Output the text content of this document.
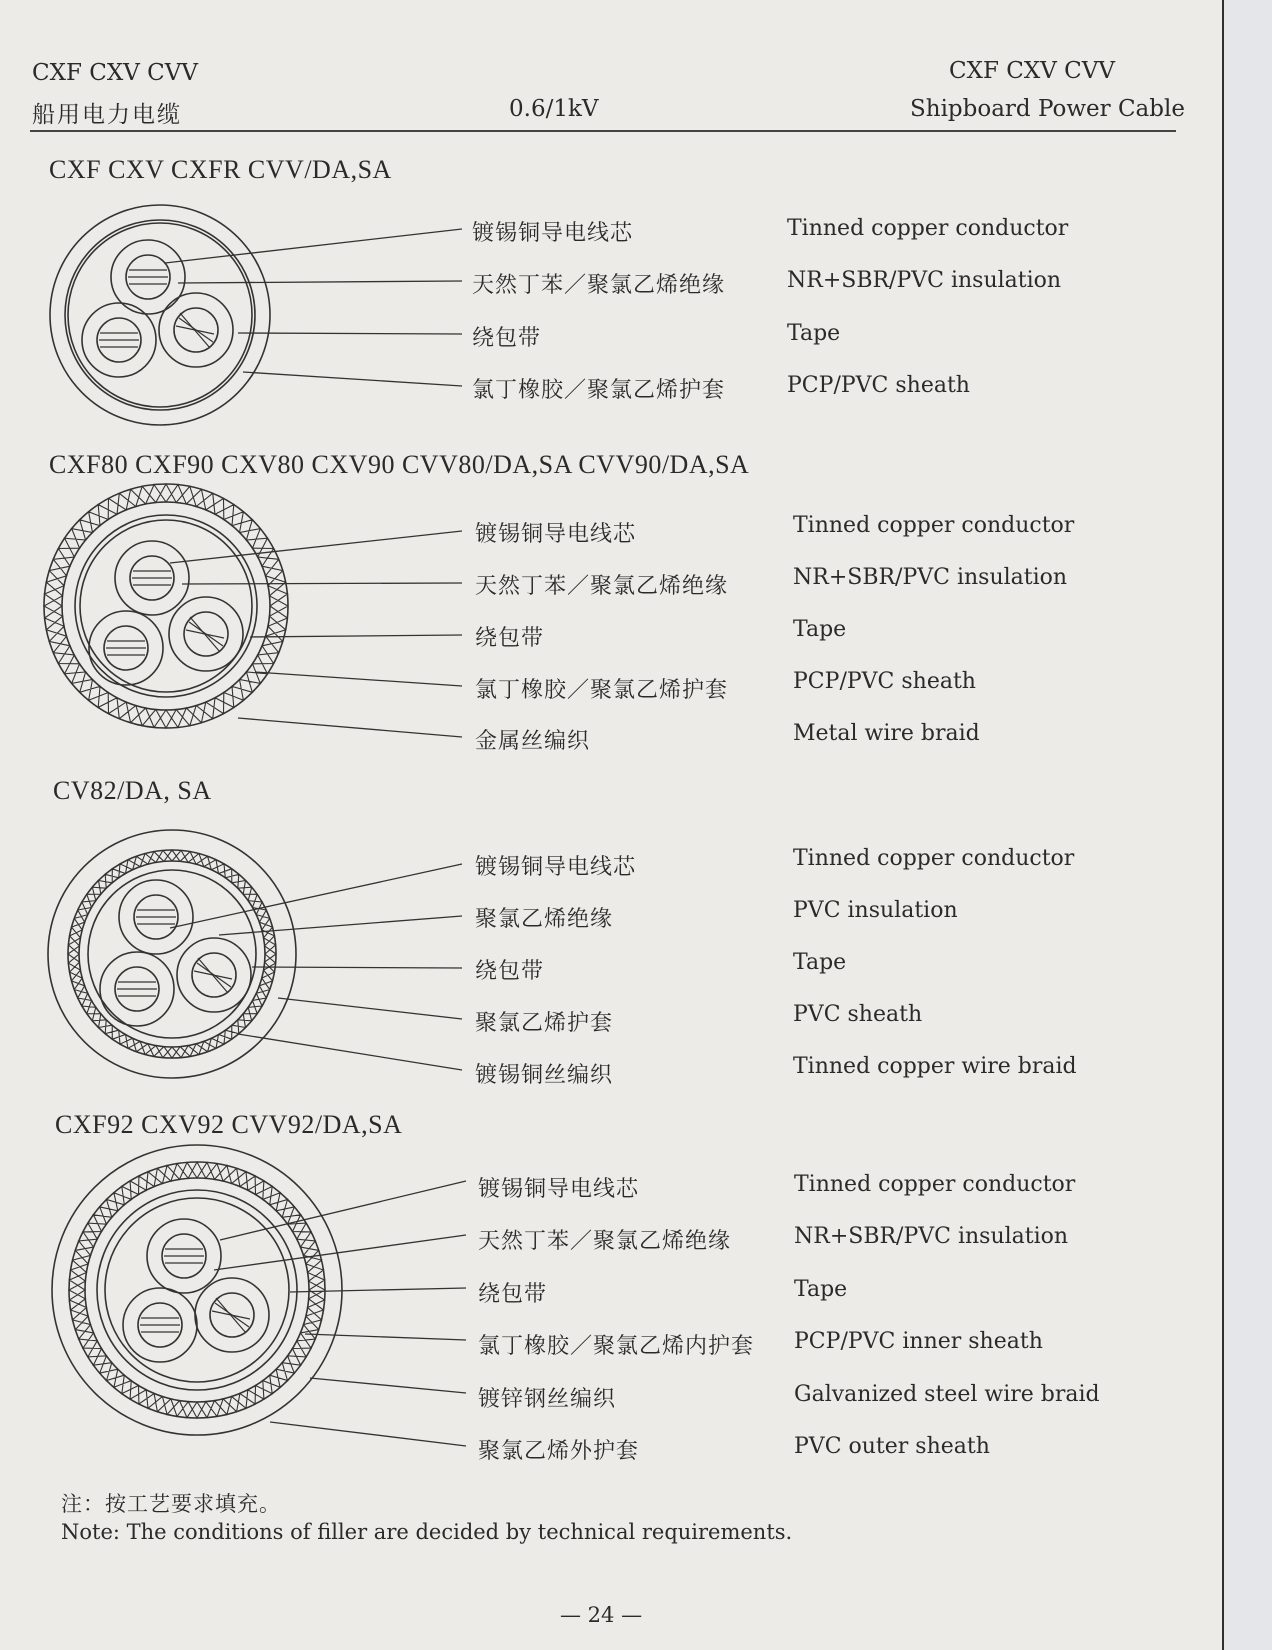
CXF CXV CVV
船用电力电缆	0.6/1kV
CXF CXV CVV
Shipboard Power Cable
CXF CXV CXFR CVV/DA,SA
镀锡铜导电线芯	Tinned copper conductor
天然丁苯／聚氯乙烯绝缘	NR+SBR/PVC insulation
绕包带	Tape
氯丁橡胶／聚氯乙烯护套	PCP/PVC sheath
CXF80 CXF90 CXV80 CXV90 CVV80/DA,SA CVV90/DA,SA
镀锡铜导电线芯	Tinned copper conductor
天然丁苯／聚氯乙烯绝缘	NR+SBR/PVC insulation
绕包带	Tape
氯丁橡胶／聚氯乙烯护套	PCP/PVC sheath
金属丝编织	Metal wire braid
CV82/DA, SA
镀锡铜导电线芯	Tinned copper conductor
聚氯乙烯绝缘	PVC insulation
绕包带	Tape
聚氯乙烯护套	PVC sheath
镀锡铜丝编织	Tinned copper wire braid
CXF92 CXV92 CVV92/DA,SA
镀锡铜导电线芯	Tinned copper conductor
天然丁苯／聚氯乙烯绝缘	NR+SBR/PVC insulation
绕包带	Tape
氯丁橡胶／聚氯乙烯内护套 PCP/PVC inner sheath
镀锌钢丝编织	Galvanized steel wire braid
聚氯乙烯外护套	PVC outer sheath
注：按工艺要求填充。
Note: The conditions of filler are decided by technical requirements.
— 24 —
